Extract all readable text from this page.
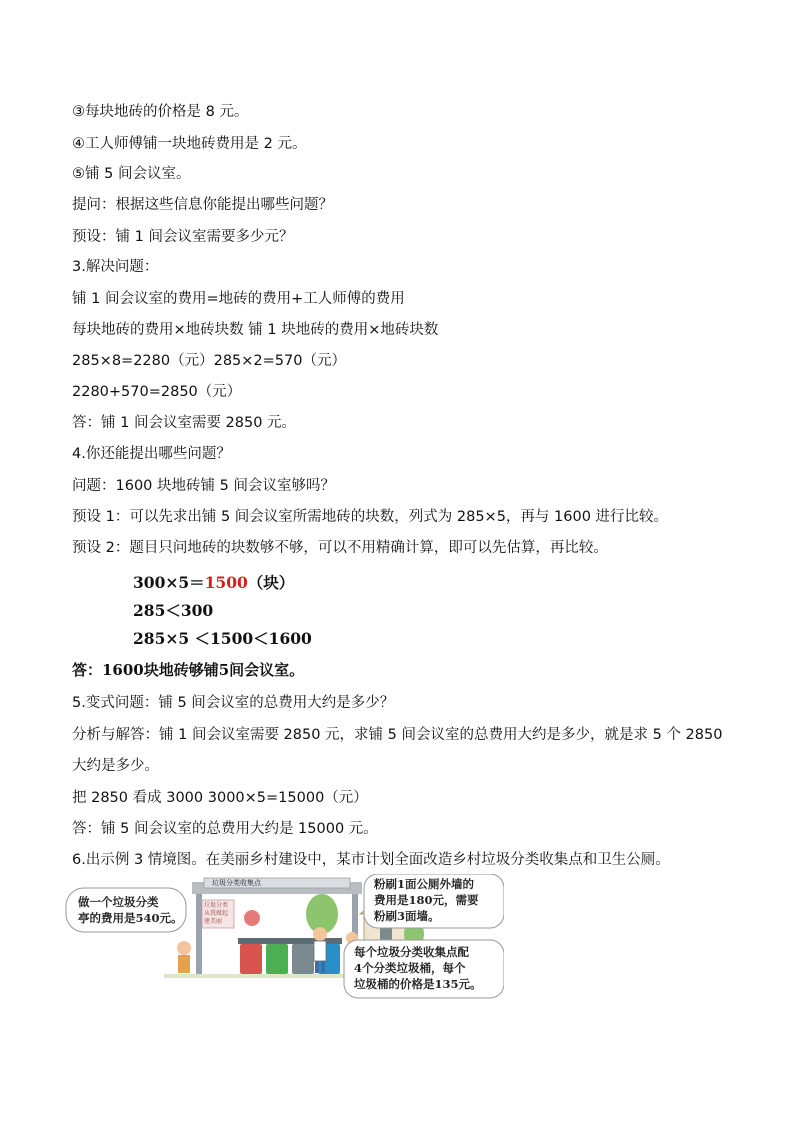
③每块地砖的价格是 8 元。
④工人师傅铺一块地砖费用是 2 元。
⑤铺 5 间会议室。
提问：根据这些信息你能提出哪些问题？
预设：铺 1 间会议室需要多少元？
3.解决问题：
铺 1 间会议室的费用=地砖的费用+工人师傅的费用
每块地砖的费用×地砖块数 铺 1 块地砖的费用×地砖块数
285×8=2280（元）285×2=570（元）
2280+570=2850（元）
答：铺 1 间会议室需要 2850 元。
4.你还能提出哪些问题？
问题：1600 块地砖铺 5 间会议室够吗？
预设 1：可以先求出铺 5 间会议室所需地砖的块数，列式为 285×5，再与 1600 进行比较。
预设 2：题目只问地砖的块数够不够，可以不用精确计算，即可以先估算，再比较。
300×5＝1500（块）
285＜300
285×5 ＜1500＜1600
答：1600块地砖够铺5间会议室。
5.变式问题：铺 5 间会议室的总费用大约是多少？
分析与解答：铺 1 间会议室需要 2850 元，求铺 5 间会议室的总费用大约是多少，就是求 5 个 2850
大约是多少。
把 2850 看成 3000 3000×5=15000（元）
答：铺 5 间会议室的总费用大约是 15000 元。
6.出示例 3 情境图。在美丽乡村建设中，某市计划全面改造乡村垃圾分类收集点和卫生公厕。
做一个垃圾分类
亭的费用是540元。
垃圾分类收集点
垃圾分类
从我做起
建美丽
粉刷1面公厕外墙的
费用是180元，需要
粉刷3面墙。
每个垃圾分类收集点配
4个分类垃圾桶，每个
垃圾桶的价格是135元。
